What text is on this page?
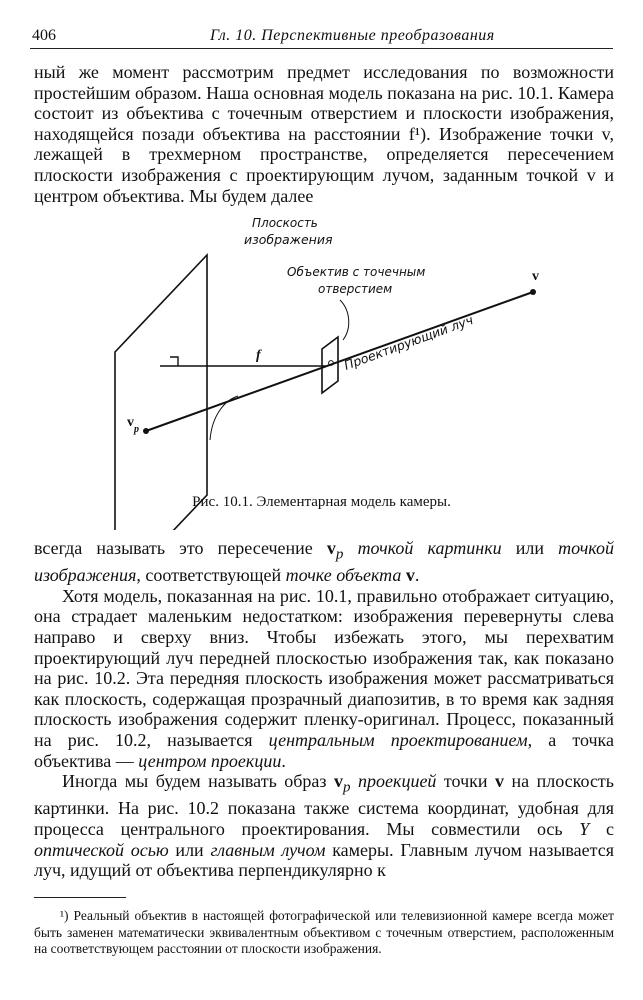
406	Гл. 10. Перспективные преобразования

ный же момент рассмотрим предмет исследования по возможности простейшим образом. Наша основная модель показана на рис. 10.1. Камера состоит из объектива с точечным отверстием и плоскости изображения, находящейся позади объектива на расстоянии f¹). Изображение точки v, лежащей в трехмерном пространстве, определяется пересечением плоскости изображения с проектирующим лучом, заданным точкой v и центром объектива. Мы будем далее

Плоскость
изображения
Объектив с точечным
отверстием
v
f
v p
Проектирующий луч
Рис. 10.1. Элементарная модель камеры.

всегда называть это пересечение $v_p$ точкой картинки или точкой изображения, соответствующей точке объекта v.

Хотя модель, показанная на рис. 10.1, правильно отображает ситуацию, она страдает маленьким недостатком: изображения перевернуты слева направо и сверху вниз. Чтобы избежать этого, мы перехватим проектирующий луч передней плоскостью изображения так, как показано на рис. 10.2. Эта передняя плоскость изображения может рассматриваться как плоскость, содержащая прозрачный диапозитив, в то время как задняя плоскость изображения содержит пленку-оригинал. Процесс, показанный на рис. 10.2, называется центральным проектированием, а точка объектива — центром проекции.

Иногда мы будем называть образ $v_p$ проекцией точки v на плоскость картинки. На рис. 10.2 показана также система координат, удобная для процесса центрального проектирования. Мы совместили ось Y с оптической осью или главным лучом камеры. Главным лучом называется луч, идущий от объектива перпендикулярно к

¹) Реальный объектив в настоящей фотографической или телевизионной камере всегда может быть заменен математически эквивалентным объективом с точечным отверстием, расположенным на соответствующем расстоянии от плоскости изображения.
